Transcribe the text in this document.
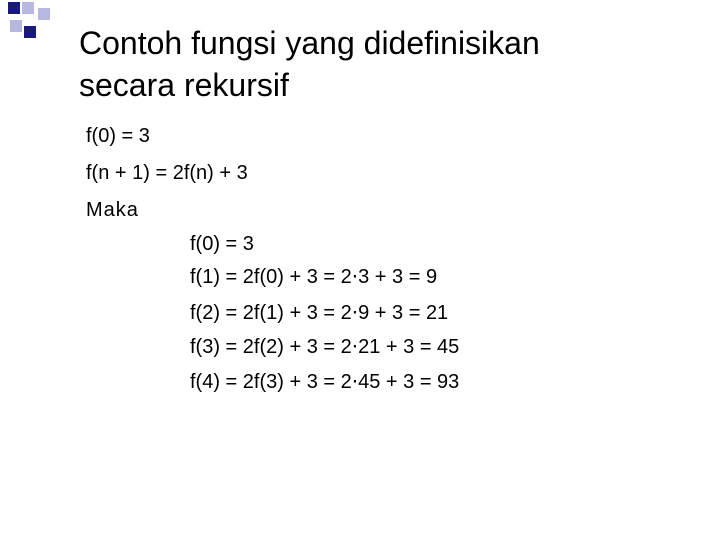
Contoh fungsi yang didefinisikan
secara rekursif
f(0) = 3
f(n + 1) = 2f(n) + 3
Maka
f(0) = 3
f(1) = 2f(0) + 3 = 2⋅3 + 3 = 9
f(2) = 2f(1) + 3 = 2⋅9 + 3 = 21
f(3) = 2f(2) + 3 = 2⋅21 + 3 = 45
f(4) = 2f(3) + 3 = 2⋅45 + 3 = 93
